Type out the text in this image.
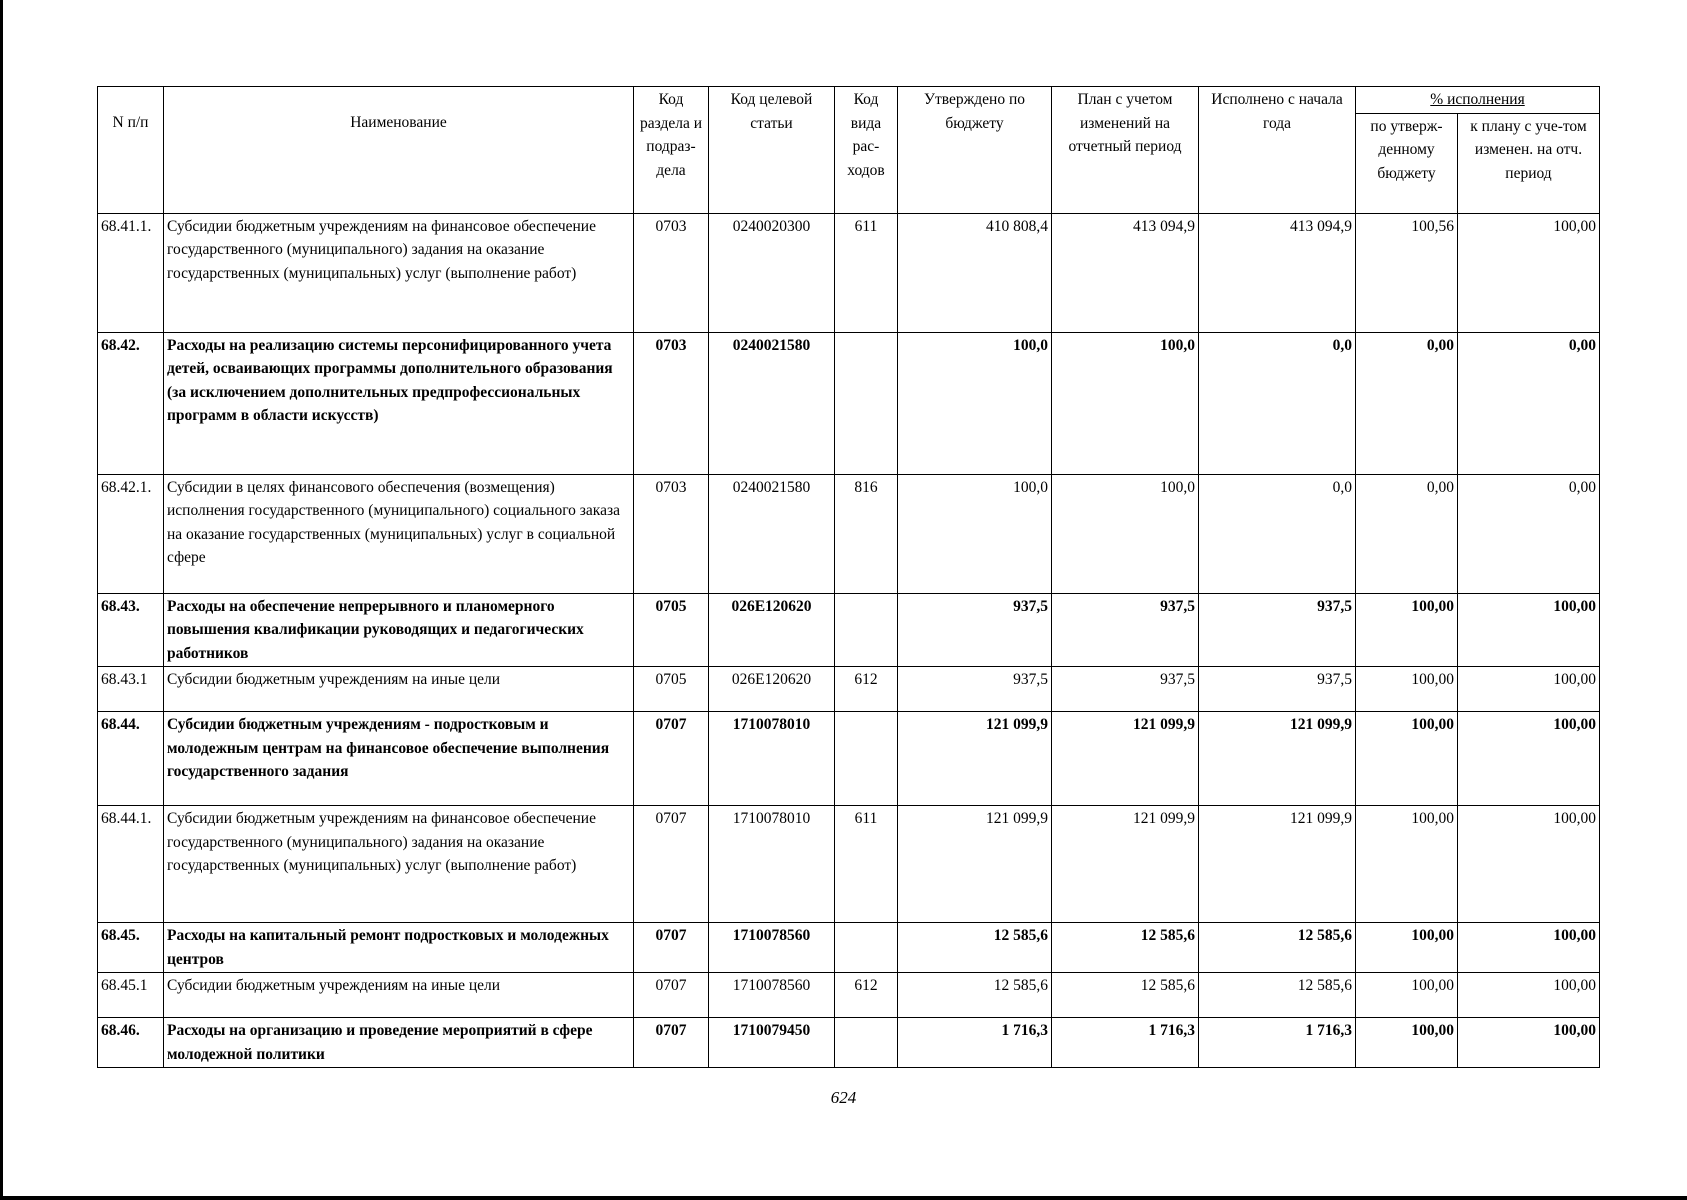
N п/п	Наименование	Код раздела и подраз-дела	Код целевой статьи	Код вида рас-ходов	Утверждено по бюджету	План с учетом изменений на отчетный период	Исполнено с начала года	% исполнения	
								по утверж-денному бюджету	к плану с уче-том изменен. на отч. период
68.41.1.	Субсидии бюджетным учреждениям на финансовое обеспечение государственного (муниципального) задания на оказание государственных (муниципальных) услуг (выполнение работ)	0703	0240020300	611	410 808,4	413 094,9	413 094,9	100,56	100,00
68.42.	Расходы на реализацию системы персонифицированного учета детей, осваивающих программы дополнительного образования (за исключением дополнительных предпрофессиональных программ в области искусств)	0703	0240021580		100,0	100,0	0,0	0,00	0,00
68.42.1.	Субсидии в целях финансового обеспечения (возмещения) исполнения государственного (муниципального) социального заказа на оказание государственных (муниципальных) услуг в социальной сфере	0703	0240021580	816	100,0	100,0	0,0	0,00	0,00
68.43.	Расходы на обеспечение непрерывного и планомерного повышения квалификации руководящих и педагогических работников	0705	026E120620		937,5	937,5	937,5	100,00	100,00
68.43.1	Субсидии бюджетным учреждениям на иные цели	0705	026E120620	612	937,5	937,5	937,5	100,00	100,00
68.44.	Субсидии бюджетным учреждениям - подростковым и молодежным центрам на финансовое обеспечение выполнения государственного задания	0707	1710078010		121 099,9	121 099,9	121 099,9	100,00	100,00
68.44.1.	Субсидии бюджетным учреждениям на финансовое обеспечение государственного (муниципального) задания на оказание государственных (муниципальных) услуг (выполнение работ)	0707	1710078010	611	121 099,9	121 099,9	121 099,9	100,00	100,00
68.45.	Расходы на капитальный ремонт подростковых и молодежных центров	0707	1710078560		12 585,6	12 585,6	12 585,6	100,00	100,00
68.45.1	Субсидии бюджетным учреждениям на иные цели	0707	1710078560	612	12 585,6	12 585,6	12 585,6	100,00	100,00
68.46.	Расходы на организацию и проведение мероприятий в сфере молодежной политики	0707	1710079450		1 716,3	1 716,3	1 716,3	100,00	100,00
624
